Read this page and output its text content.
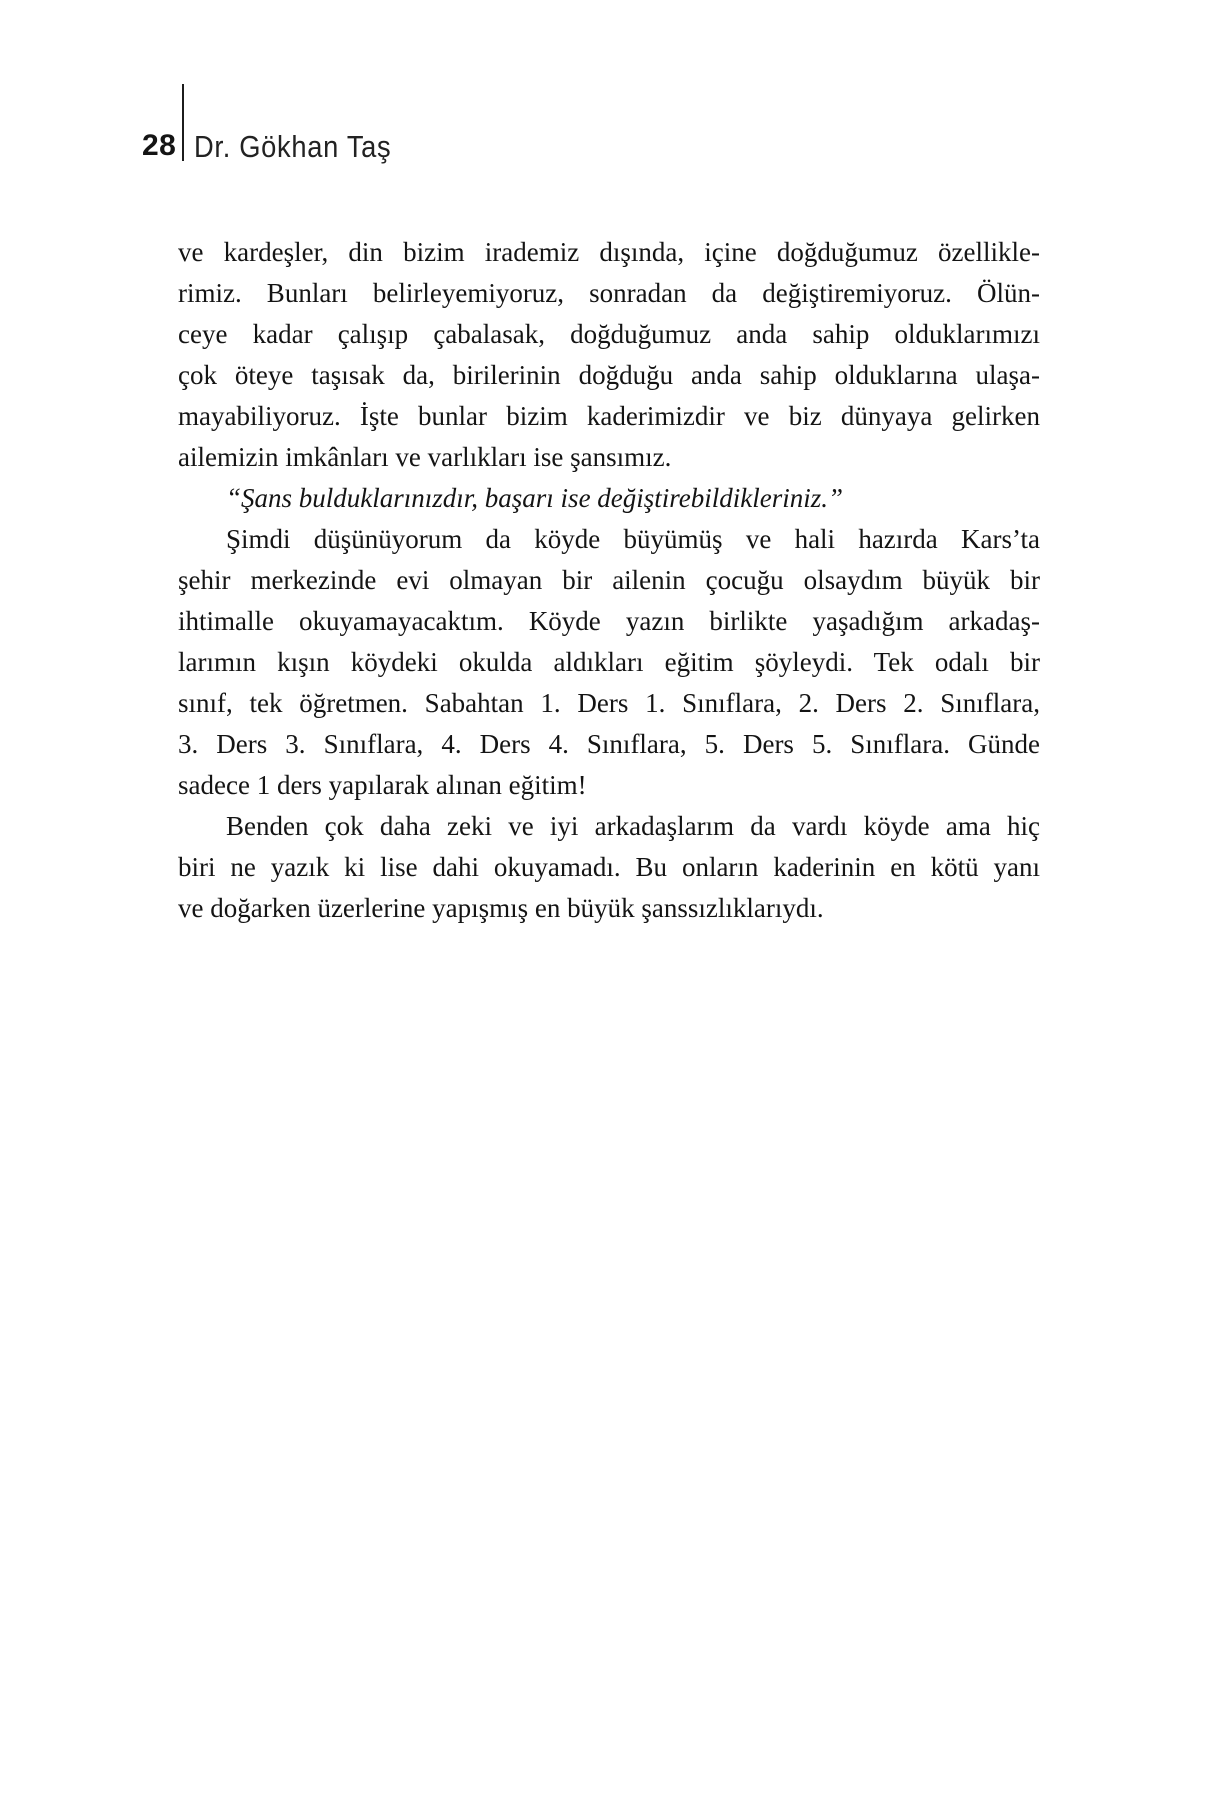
28 Dr. Gökhan Taş

ve kardeşler, din bizim irademiz dışında, içine doğduğumuz özellikle-

rimiz. Bunları belirleyemiyoruz, sonradan da değiştiremiyoruz. Ölün-

ceye kadar çalışıp çabalasak, doğduğumuz anda sahip olduklarımızı

çok öteye taşısak da, birilerinin doğduğu anda sahip olduklarına ulaşa-

mayabiliyoruz. İşte bunlar bizim kaderimizdir ve biz dünyaya gelirken

ailemizin imkânları ve varlıkları ise şansımız.

“Şans bulduklarınızdır, başarı ise değiştirebildikleriniz.”

Şimdi düşünüyorum da köyde büyümüş ve hali hazırda Kars’ta

şehir merkezinde evi olmayan bir ailenin çocuğu olsaydım büyük bir

ihtimalle okuyamayacaktım. Köyde yazın birlikte yaşadığım arkadaş-

larımın kışın köydeki okulda aldıkları eğitim şöyleydi. Tek odalı bir

sınıf, tek öğretmen. Sabahtan 1. Ders 1. Sınıflara, 2. Ders 2. Sınıflara,

3. Ders 3. Sınıflara, 4. Ders 4. Sınıflara, 5. Ders 5. Sınıflara. Günde

sadece 1 ders yapılarak alınan eğitim!

Benden çok daha zeki ve iyi arkadaşlarım da vardı köyde ama hiç

biri ne yazık ki lise dahi okuyamadı. Bu onların kaderinin en kötü yanı

ve doğarken üzerlerine yapışmış en büyük şanssızlıklarıydı.
